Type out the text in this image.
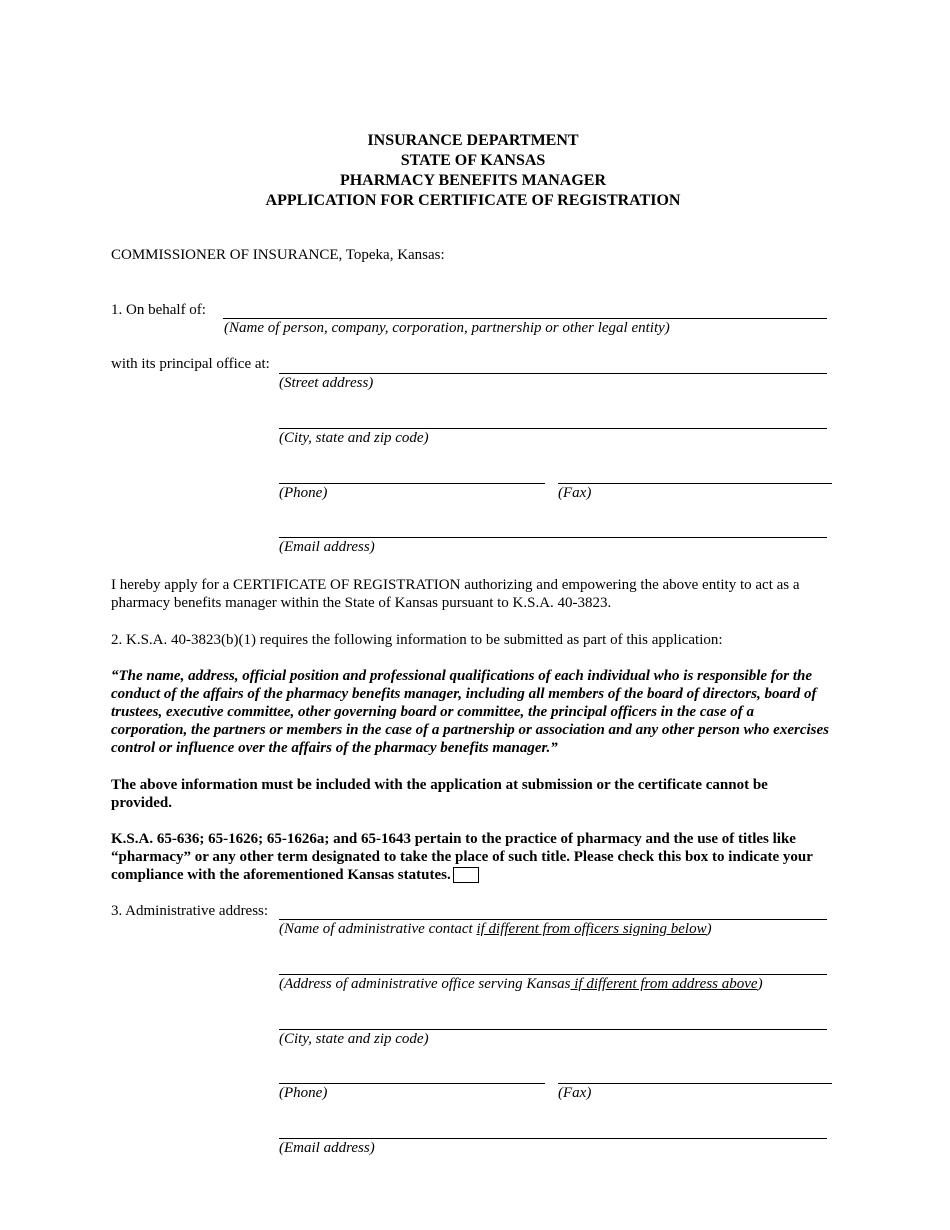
INSURANCE DEPARTMENT
STATE OF KANSAS
PHARMACY BENEFITS MANAGER
APPLICATION FOR CERTIFICATE OF REGISTRATION
COMMISSIONER OF INSURANCE, Topeka, Kansas:
1. On behalf of:
(Name of person, company, corporation, partnership or other legal entity)
with its principal office at:
(Street address)
(City, state and zip code)
(Phone)	(Fax)
(Email address)
I hereby apply for a CERTIFICATE OF REGISTRATION authorizing and empowering the above entity to act as a pharmacy benefits manager within the State of Kansas pursuant to K.S.A. 40-3823.
2. K.S.A. 40-3823(b)(1) requires the following information to be submitted as part of this application:
“The name, address, official position and professional qualifications of each individual who is responsible for the conduct of the affairs of the pharmacy benefits manager, including all members of the board of directors, board of trustees, executive committee, other governing board or committee, the principal officers in the case of a corporation, the partners or members in the case of a partnership or association and any other person who exercises control or influence over the affairs of the pharmacy benefits manager.”
The above information must be included with the application at submission or the certificate cannot be provided.
K.S.A. 65-636; 65-1626; 65-1626a; and 65-1643 pertain to the practice of pharmacy and the use of titles like “pharmacy” or any other term designated to take the place of such title. Please check this box to indicate your compliance with the aforementioned Kansas statutes.
3. Administrative address:
(Name of administrative contact if different from officers signing below)
(Address of administrative office serving Kansas if different from address above)
(City, state and zip code)
(Phone)	(Fax)
(Email address)
